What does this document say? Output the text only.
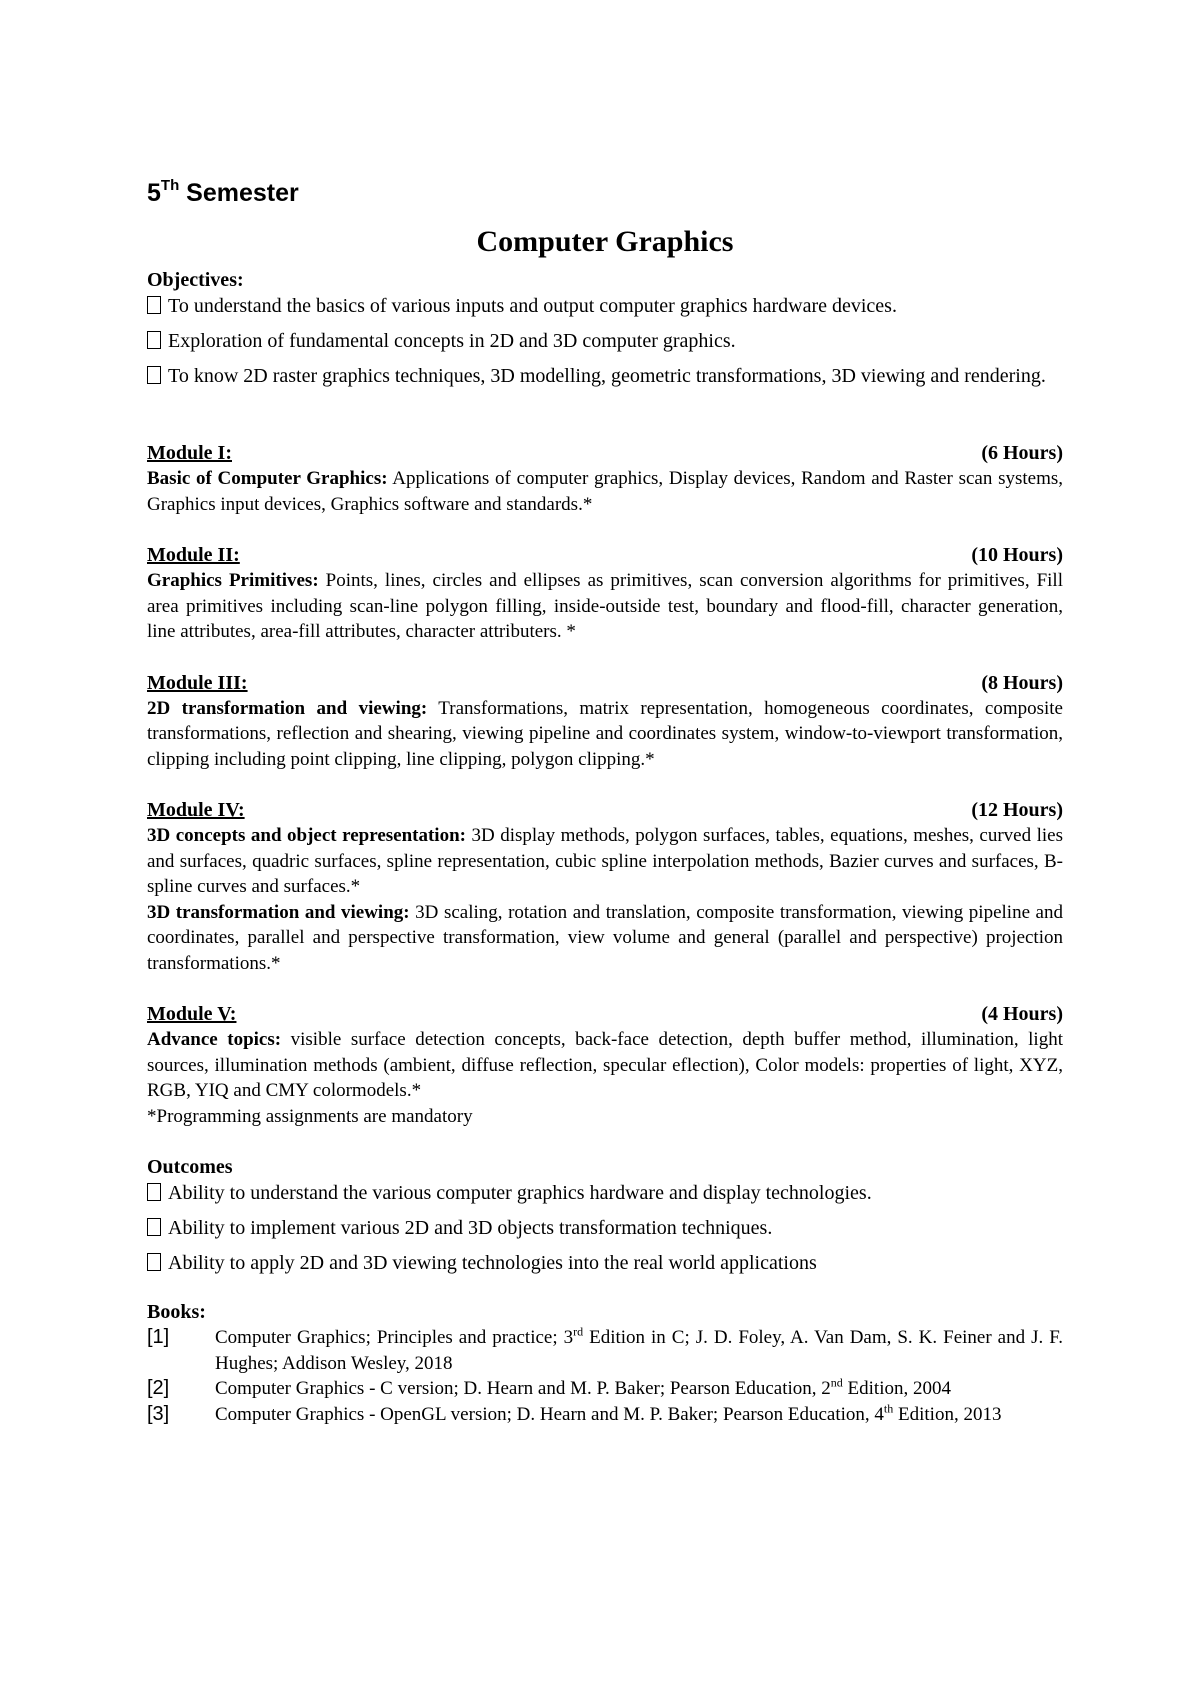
5Th Semester

Computer Graphics

Objectives:

To understand the basics of various inputs and output computer graphics hardware devices.

Exploration of fundamental concepts in 2D and 3D computer graphics.

To know 2D raster graphics techniques, 3D modelling, geometric transformations, 3D viewing and rendering.

Module I:	(6 Hours)

Basic of Computer Graphics: Applications of computer graphics, Display devices, Random and Raster scan systems, Graphics input devices, Graphics software and standards.*

Module II:	(10 Hours)

Graphics Primitives: Points, lines, circles and ellipses as primitives, scan conversion algorithms for primitives, Fill area primitives including scan-line polygon filling, inside-outside test, boundary and flood-fill, character generation, line attributes, area-fill attributes, character attributers. *

Module III:	(8 Hours)

2D transformation and viewing: Transformations, matrix representation, homogeneous coordinates, composite transformations, reflection and shearing, viewing pipeline and coordinates system, window-to-viewport transformation, clipping including point clipping, line clipping, polygon clipping.*

Module IV:	(12 Hours)

3D concepts and object representation: 3D display methods, polygon surfaces, tables, equations, meshes, curved lies and surfaces, quadric surfaces, spline representation, cubic spline interpolation methods, Bazier curves and surfaces, B-spline curves and surfaces.*

3D transformation and viewing: 3D scaling, rotation and translation, composite transformation, viewing pipeline and coordinates, parallel and perspective transformation, view volume and general (parallel and perspective) projection transformations.*

Module V:	(4 Hours)

Advance topics: visible surface detection concepts, back-face detection, depth buffer method, illumination, light sources, illumination methods (ambient, diffuse reflection, specular eflection), Color models: properties of light, XYZ, RGB, YIQ and CMY colormodels.*

*Programming assignments are mandatory

Outcomes

Ability to understand the various computer graphics hardware and display technologies.

Ability to implement various 2D and 3D objects transformation techniques.

Ability to apply 2D and 3D viewing technologies into the real world applications

Books:

[1]	Computer Graphics; Principles and practice; 3rd Edition in C; J. D. Foley, A. Van Dam, S. K. Feiner and J. F. Hughes; Addison Wesley, 2018
[2]	Computer Graphics - C version; D. Hearn and M. P. Baker; Pearson Education, 2nd Edition, 2004
[3]	Computer Graphics - OpenGL version; D. Hearn and M. P. Baker; Pearson Education, 4th Edition, 2013
